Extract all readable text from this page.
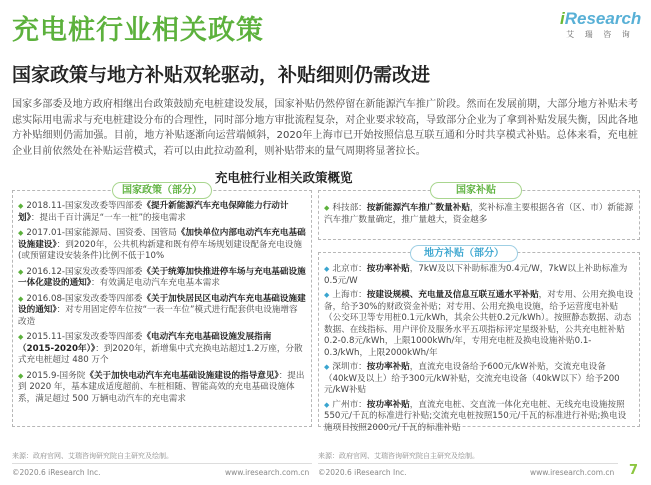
充电桩行业相关政策	iResearch
艾 瑞 咨 询
国家政策与地方补贴双轮驱动，补贴细则仍需改进
国家多部委及地方政府相继出台政策鼓励充电桩建设发展，国家补贴仍然停留在新能源汽车推广阶段。然而在发展前期，大部分地方补贴未考虑实际用电需求与充电桩建设分布的合理性，同时部分地方审批流程复杂，对企业要求较高，导致部分企业为了拿到补贴发展失衡，因此各地方补贴细则仍需加强。目前，地方补贴逐渐向运营端倾斜，2020年上海市已开始按照信息互联互通和分时共享模式补贴。总体来看，充电桩企业目前依然处在补贴运营模式，若可以由此拉动盈利，则补贴带来的量气周期将显著拉长。
充电桩行业相关政策概览
国家政策（部分）
◆ 2018.11-国家发改委等四部委《提升新能源汽车充电保障能力行动计划》：提出千百计满足“一车一桩”的接电需求
◆ 2017.01-国家能源局、国资委、国管局《加快单位内部电动汽车充电基础设施建设》：到2020年，公共机构新建和既有停车场规划建设配备充电设施(或预留建设安装条件)比例不低于10%
◆ 2016.12-国家发改委等四部委《关于统筹加快推进停车场与充电基础设施一体化建设的通知》：有效满足电动汽车充电基本需求
◆ 2016.08-国家发改委等四部委《关于加快居民区电动汽车充电基础设施建设的通知》：对专用固定停车位按“一表一车位”模式进行配套供电设施增容改造
◆ 2015.11-国家发改委等四部委《电动汽车充电基础设施发展指南（2015-2020年）》：到2020年，新增集中式充换电站超过1.2万座，分散式充电桩超过 480 万个
◆ 2015.9-国务院《关于加快电动汽车充电基础设施建设的指导意见》：提出到 2020 年，基本建成适度超前、车桩相随、智能高效的充电基础设施体系，满足超过 500 万辆电动汽车的充电需求
来源：政府官网、艾瑞咨询研究院自主研究及绘制。
国家补贴
◆ 科技部：按新能源汽车推广数量补贴，奖补标准主要根据各省（区、市）新能源汽车推广数量确定，推广量越大，资金越多
地方补贴（部分）
◆ 北京市：按功率补贴，7kW及以下补助标准为0.4元/W，7kW以上补助标准为0.5元/W
◆ 上海市：按建设规模、充电量及信息互联互通水平补贴，对专用、公用充换电设备，给予30%的财政资金补贴；对专用、公用充换电设施，给予运营度电补贴（公交环卫等专用桩0.1元/kWh，其余公共桩0.2元/kWh）。按照静态数据、动态数据、在线指标、用户评价及服务水平五项指标评定星级补贴，公共充电桩补贴0.2-0.8元/kWh，上限1000kWh/年，专用充电桩及换电设施补贴0.1-0.3/kWh，上限2000kWh/年
◆ 深圳市：按功率补贴，直流充电设备给予600元/kW补贴，交流充电设备（40kW及以上）给予300元/kW补贴，交流充电设备（40kW以下）给予200元/kW补贴
◆ 广州市：按功率补贴，直流充电桩、交直流一体化充电桩、无线充电设施按照550元/千瓦的标准进行补贴;交流充电桩按照150元/千瓦的标准进行补贴;换电设施项目按照2000元/千瓦的标准补贴
来源：政府官网、艾瑞咨询研究院自主研究及绘制。
©2020.6 iResearch Inc.	www.iresearch.com.cn ©2020.6 iResearch Inc.	www.iresearch.com.cn 7
